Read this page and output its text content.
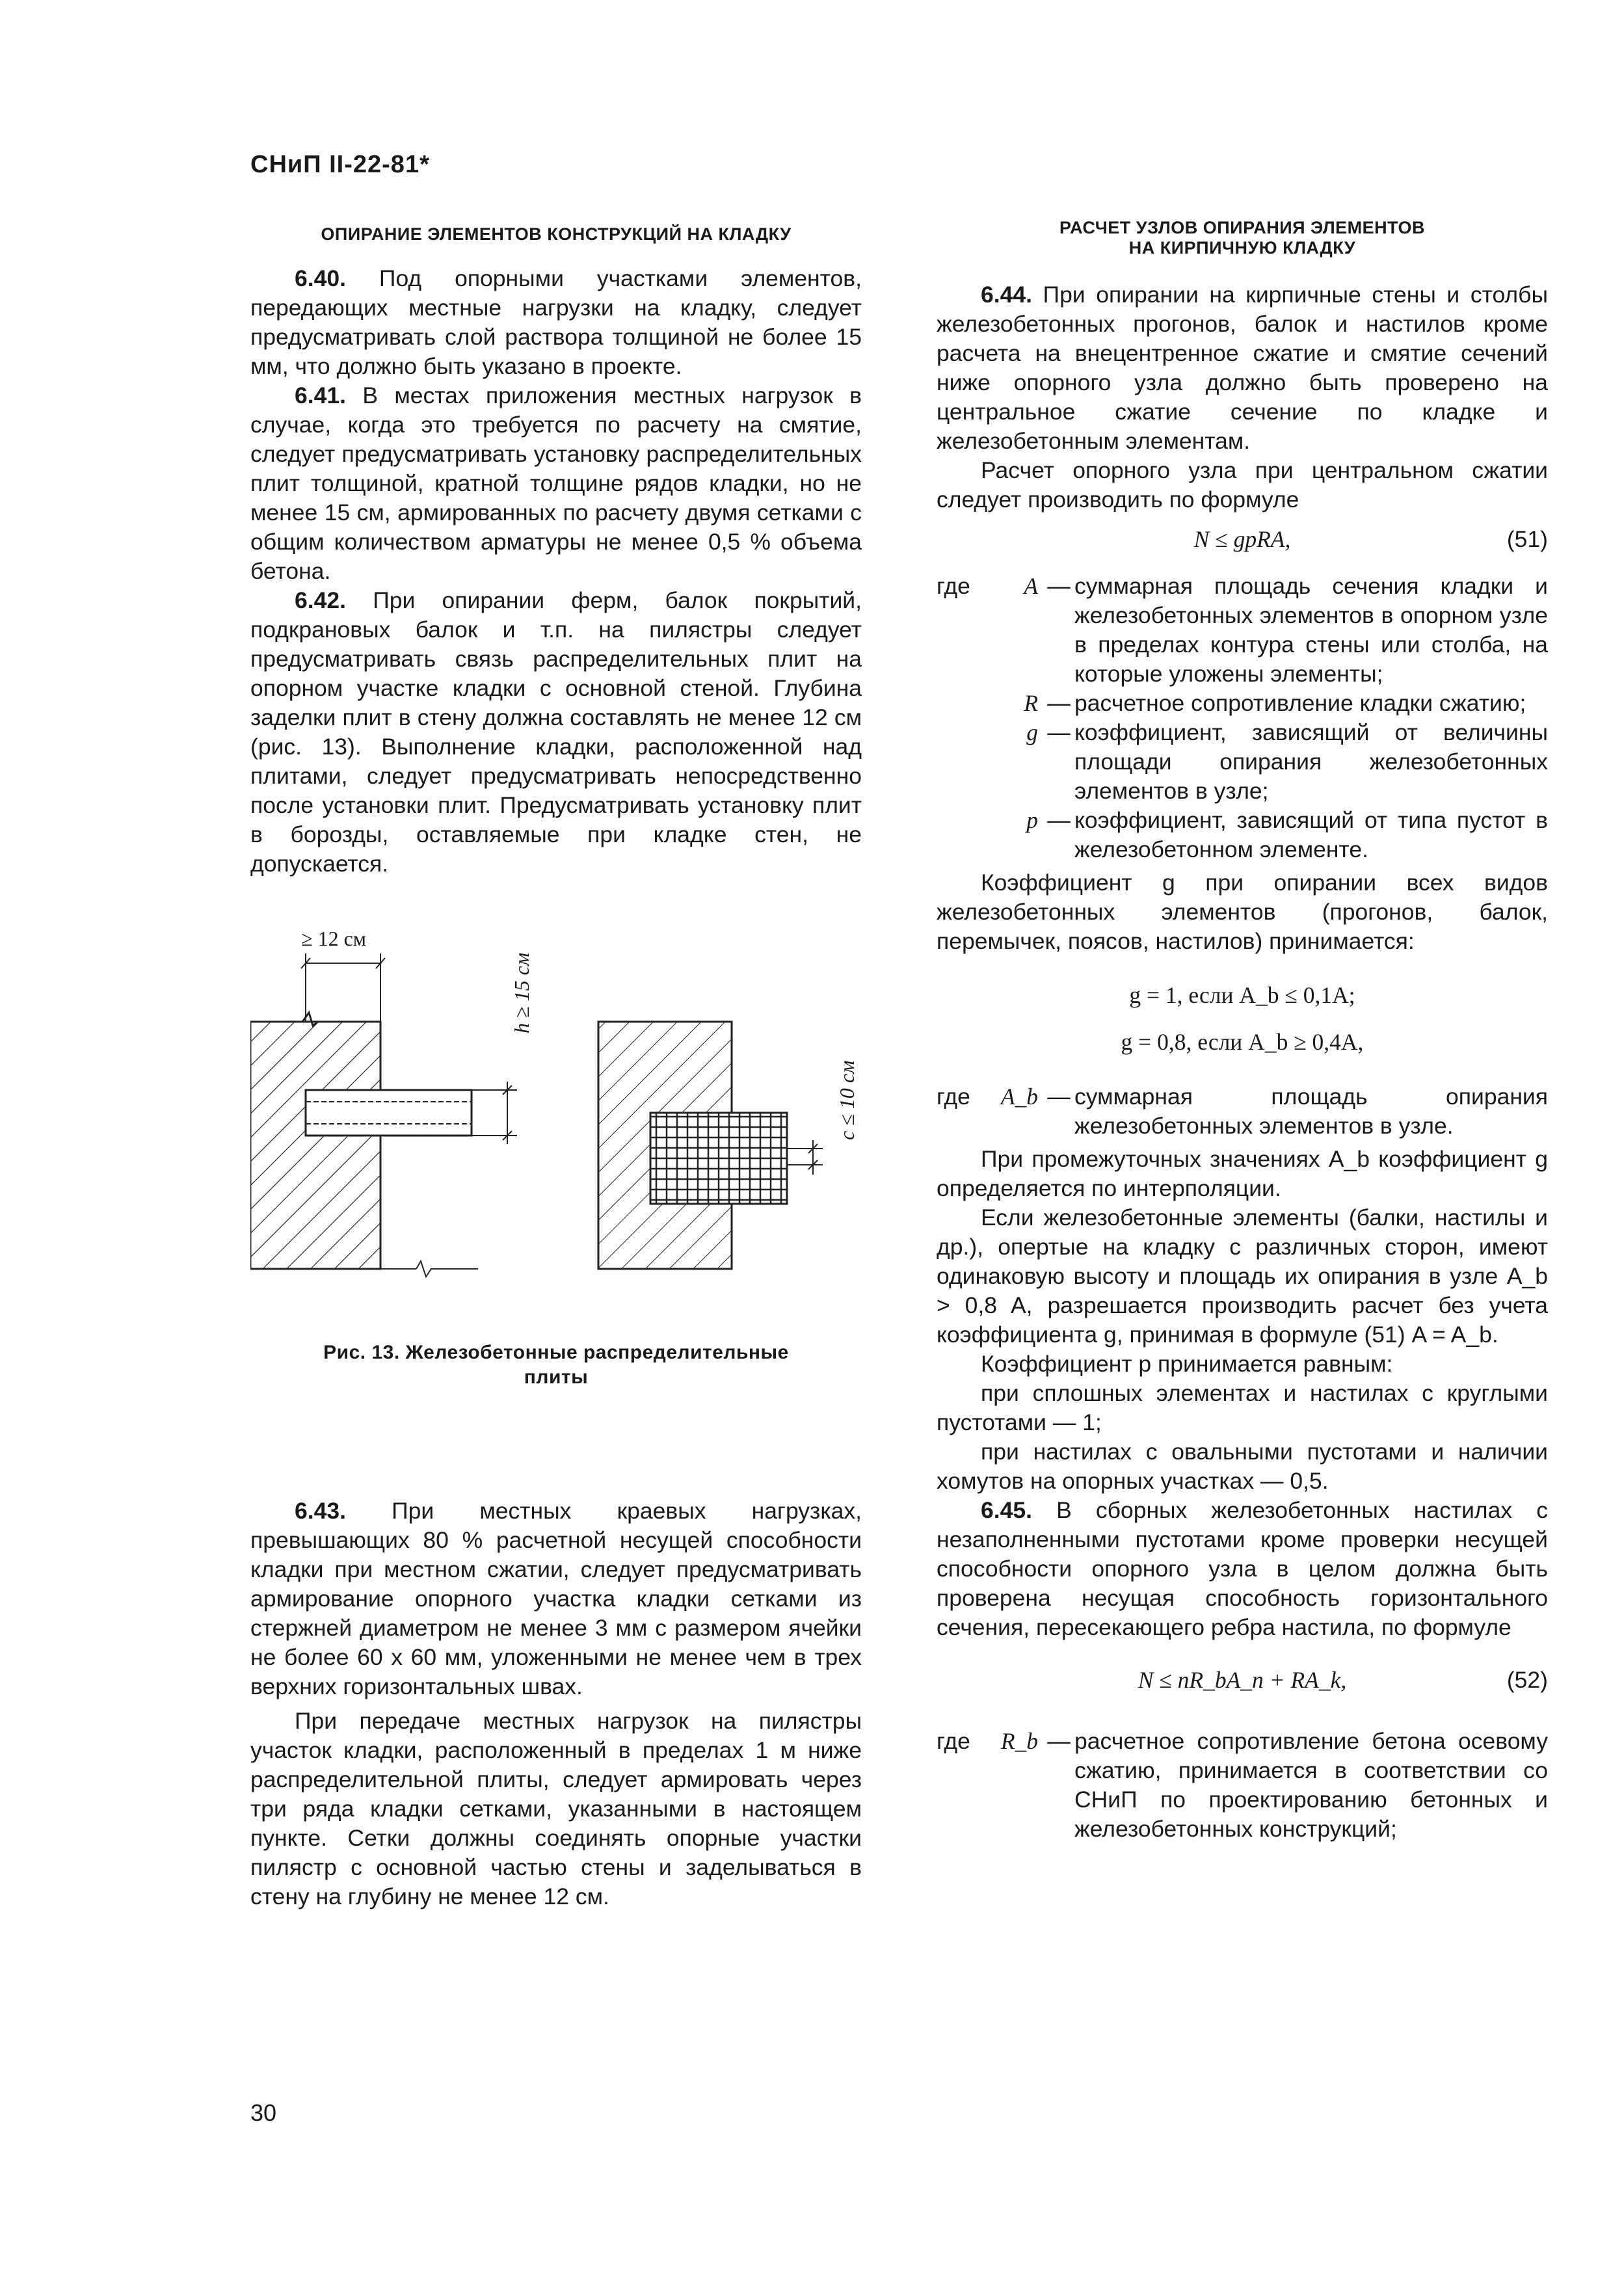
СНиП II-22-81*
ОПИРАНИЕ ЭЛЕМЕНТОВ КОНСТРУКЦИЙ НА КЛАДКУ

6.40. Под опорными участками элементов, передающих местные нагрузки на кладку, следует предусматривать слой раствора толщиной не более 15 мм, что должно быть указано в проекте.

6.41. В местах приложения местных нагрузок в случае, когда это требуется по расчету на смятие, следует предусматривать установку распределительных плит толщиной, кратной толщине рядов кладки, но не менее 15 см, армированных по расчету двумя сетками с общим количеством арматуры не менее 0,5 % объема бетона.

6.42. При опирании ферм, балок покрытий, подкрановых балок и т.п. на пилястры следует предусматривать связь распределительных плит на опорном участке кладки с основной стеной. Глубина заделки плит в стену должна составлять не менее 12 см (рис. 13). Выполнение кладки, расположенной над плитами, следует предусматривать непосредственно после установки плит. Предусматривать установку плит в борозды, оставляемые при кладке стен, не допускается.

≥ 12 см
h ≥ 15 см
c ≤ 10 см
Рис. 13. Железобетонные распределительные
плиты

6.43. При местных краевых нагрузках, превышающих 80 % расчетной несущей способности кладки при местном сжатии, следует предусматривать армирование опорного участка кладки сетками из стержней диаметром не менее 3 мм с размером ячейки не более 60 х 60 мм, уложенными не менее чем в трех верхних горизонтальных швах.

При передаче местных нагрузок на пилястры участок кладки, расположенный в пределах 1 м ниже распределительной плиты, следует армировать через три ряда кладки сетками, указанными в настоящем пункте. Сетки должны соединять опорные участки пилястр с основной частью стены и заделываться в стену на глубину не менее 12 см.

РАСЧЕТ УЗЛОВ ОПИРАНИЯ ЭЛЕМЕНТОВ
НА КИРПИЧНУЮ КЛАДКУ

6.44. При опирании на кирпичные стены и столбы железобетонных прогонов, балок и настилов кроме расчета на внецентренное сжатие и смятие сечений ниже опорного узла должно быть проверено на центральное сжатие сечение по кладке и железобетонным элементам.

Расчет опорного узла при центральном сжатии следует производить по формуле

N ≤ gpRA,	(51)
где	A — суммарная площадь сечения кладки и железобетонных элементов в опорном узле в пределах контура стены или столба, на которые уложены элементы;
R — расчетное сопротивление кладки сжатию;
g — коэффициент, зависящий от величины площади опирания железобетонных элементов в узле;
p — коэффициент, зависящий от типа пустот в железобетонном элементе.

Коэффициент g при опирании всех видов железобетонных элементов (прогонов, балок, перемычек, поясов, настилов) принимается:

g = 1, если A_b ≤ 0,1A;
g = 0,8, если A_b ≥ 0,4A,
где	A_b — суммарная площадь опирания железобетонных элементов в узле.

При промежуточных значениях A_b коэффициент g определяется по интерполяции.

Если железобетонные элементы (балки, настилы и др.), опертые на кладку с различных сторон, имеют одинаковую высоту и площадь их опирания в узле A_b > 0,8 A, разрешается производить расчет без учета коэффициента g, принимая в формуле (51) A = A_b.

Коэффициент p принимается равным:

при сплошных элементах и настилах с круглыми пустотами — 1;

при настилах с овальными пустотами и наличии хомутов на опорных участках — 0,5.

6.45. В сборных железобетонных настилах с незаполненными пустотами кроме проверки несущей способности опорного узла в целом должна быть проверена несущая способность горизонтального сечения, пересекающего ребра настила, по формуле

N ≤ nR_bA_n + RA_k,	(52)
где	R_b — расчетное сопротивление бетона осевому сжатию, принимается в соответствии со СНиП по проектированию бетонных и железобетонных конструкций;
30
